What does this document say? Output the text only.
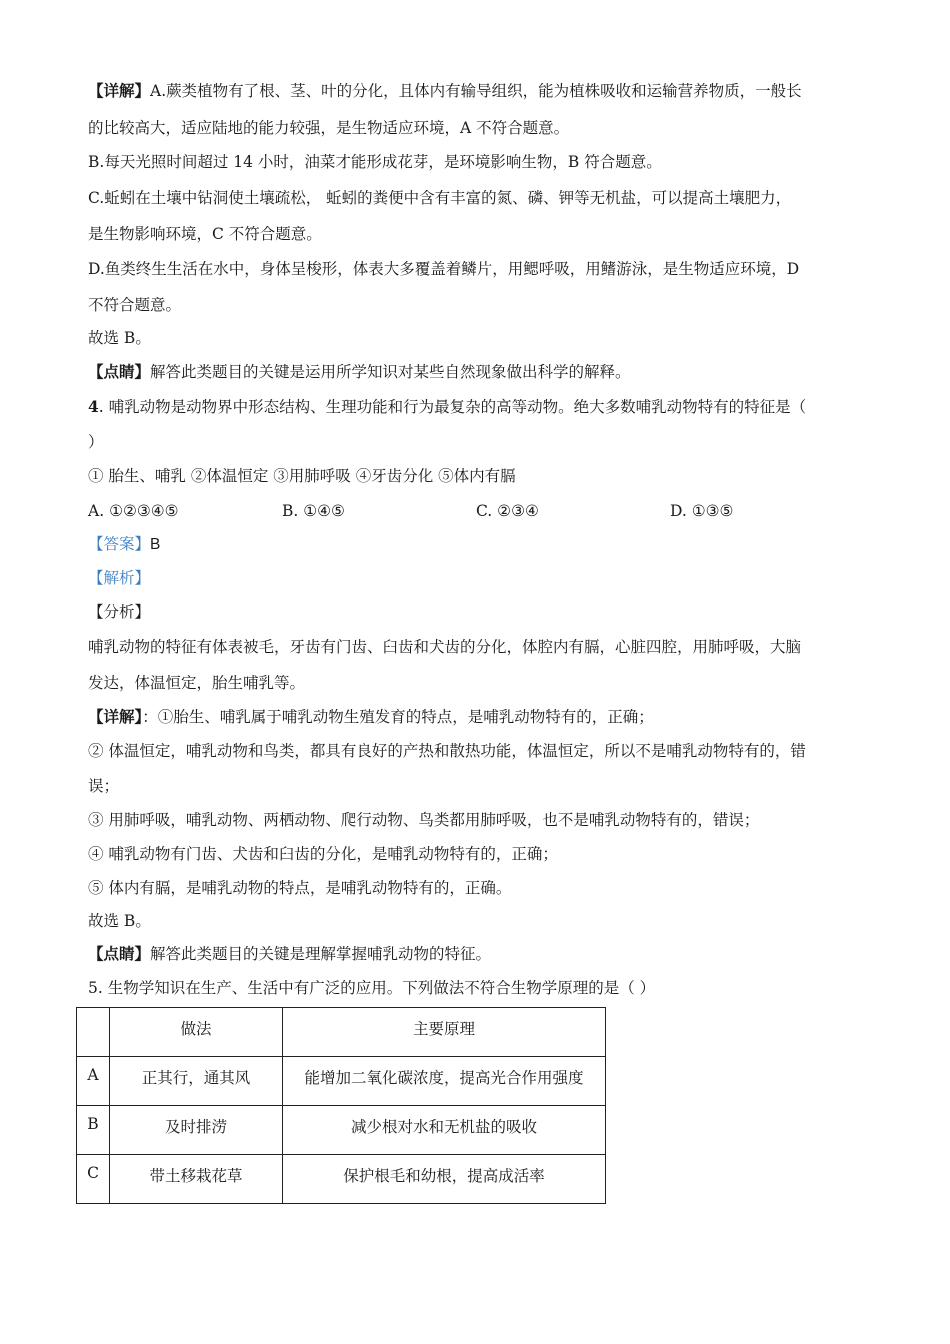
【详解】A.蕨类植物有了根、茎、叶的分化，且体内有输导组织，能为植株吸收和运输营养物质，一般长
的比较高大，适应陆地的能力较强，是生物适应环境，A 不符合题意。
B.每天光照时间超过 14 小时，油菜才能形成花芽，是环境影响生物，B 符合题意。
C.蚯蚓在土壤中钻洞使土壤疏松， 蚯蚓的粪便中含有丰富的氮、磷、钾等无机盐，可以提高土壤肥力，
是生物影响环境，C 不符合题意。
D.鱼类终生生活在水中，身体呈梭形，体表大多覆盖着鳞片，用鳃呼吸，用鳍游泳，是生物适应环境，D
不符合题意。
故选 B。
【点睛】解答此类题目的关键是运用所学知识对某些自然现象做出科学的解释。
4. 哺乳动物是动物界中形态结构、生理功能和行为最复杂的高等动物。绝大多数哺乳动物特有的特征是（
）
① 胎生、哺乳 ②体温恒定 ③用肺呼吸 ④牙齿分化 ⑤体内有膈
A. ①②③④⑤	B. ①④⑤	C. ②③④	D. ①③⑤
【答案】B
【解析】
【分析】
哺乳动物的特征有体表被毛，牙齿有门齿、臼齿和犬齿的分化，体腔内有膈，心脏四腔，用肺呼吸，大脑
发达，体温恒定，胎生哺乳等。
【详解】：①胎生、哺乳属于哺乳动物生殖发育的特点，是哺乳动物特有的，正确；
② 体温恒定，哺乳动物和鸟类，都具有良好的产热和散热功能，体温恒定，所以不是哺乳动物特有的，错
误；
③ 用肺呼吸，哺乳动物、两栖动物、爬行动物、鸟类都用肺呼吸，也不是哺乳动物特有的，错误；
④ 哺乳动物有门齿、犬齿和臼齿的分化，是哺乳动物特有的，正确；
⑤ 体内有膈，是哺乳动物的特点，是哺乳动物特有的，正确。
故选 B。
【点睛】解答此类题目的关键是理解掌握哺乳动物的特征。
5. 生物学知识在生产、生活中有广泛的应用。下列做法不符合生物学原理的是（ ）
	做法	主要原理
A	正其行，通其风	能增加二氧化碳浓度，提高光合作用强度
B	及时排涝	减少根对水和无机盐的吸收
C	带土移栽花草	保护根毛和幼根，提高成活率
